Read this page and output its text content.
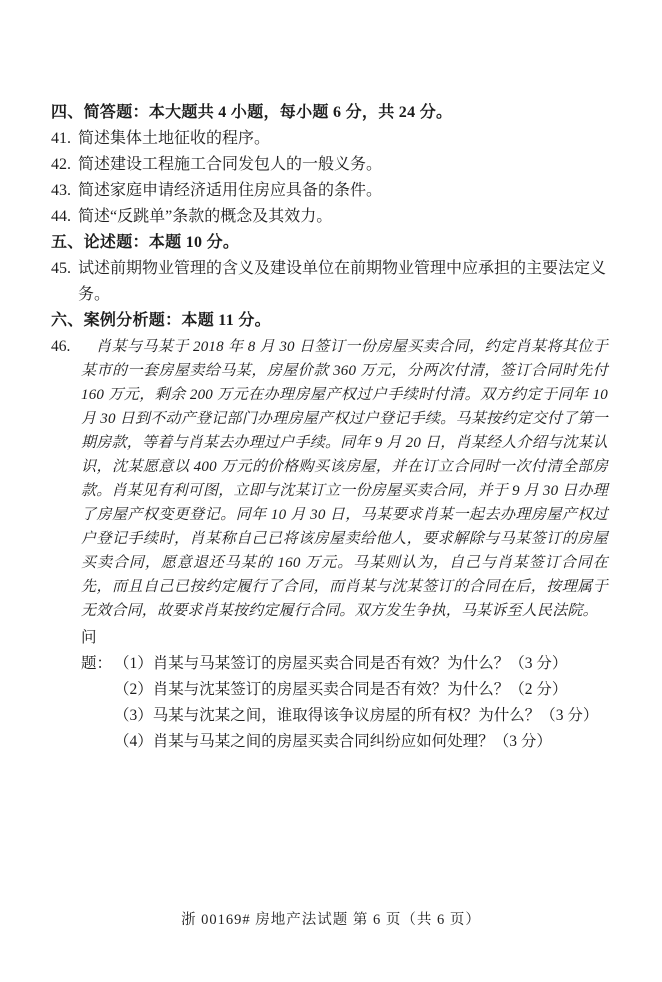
四、简答题：本大题共 4 小题，每小题 6 分，共 24 分。
41. 简述集体土地征收的程序。
42. 简述建设工程施工合同发包人的一般义务。
43. 简述家庭申请经济适用住房应具备的条件。
44. 简述“反跳单”条款的概念及其效力。
五、论述题：本题 10 分。
45. 试述前期物业管理的含义及建设单位在前期物业管理中应承担的主要法定义务。
六、案例分析题：本题 11 分。
46.	肖某与马某于 2018 年 8 月 30 日签订一份房屋买卖合同，约定肖某将其位于某市的一套房屋卖给马某，房屋价款 360 万元，分两次付清，签订合同时先付 160 万元，剩余 200 万元在办理房屋产权过户手续时付清。双方约定于同年 10 月 30 日到不动产登记部门办理房屋产权过户登记手续。马某按约定交付了第一期房款，等着与肖某去办理过户手续。同年 9 月 20 日，肖某经人介绍与沈某认识，沈某愿意以 400 万元的价格购买该房屋，并在订立合同时一次付清全部房款。肖某见有利可图，立即与沈某订立一份房屋买卖合同，并于 9 月 30 日办理了房屋产权变更登记。同年 10 月 30 日，马某要求肖某一起去办理房屋产权过户登记手续时，肖某称自己已将该房屋卖给他人，要求解除与马某签订的房屋买卖合同，愿意退还马某的 160 万元。马某则认为，自己与肖某签订合同在先，而且自己已按约定履行了合同，而肖某与沈某签订的合同在后，按理属于无效合同，故要求肖某按约定履行合同。双方发生争执，马某诉至人民法院。

问题： （1）肖某与马某签订的房屋买卖合同是否有效？为什么？（3 分）
（2）肖某与沈某签订的房屋买卖合同是否有效？为什么？（2 分）
（3）马某与沈某之间，谁取得该争议房屋的所有权？为什么？（3 分）
（4）肖某与马某之间的房屋买卖合同纠纷应如何处理？（3 分）
浙 00169# 房地产法试题 第 6 页（共 6 页）
